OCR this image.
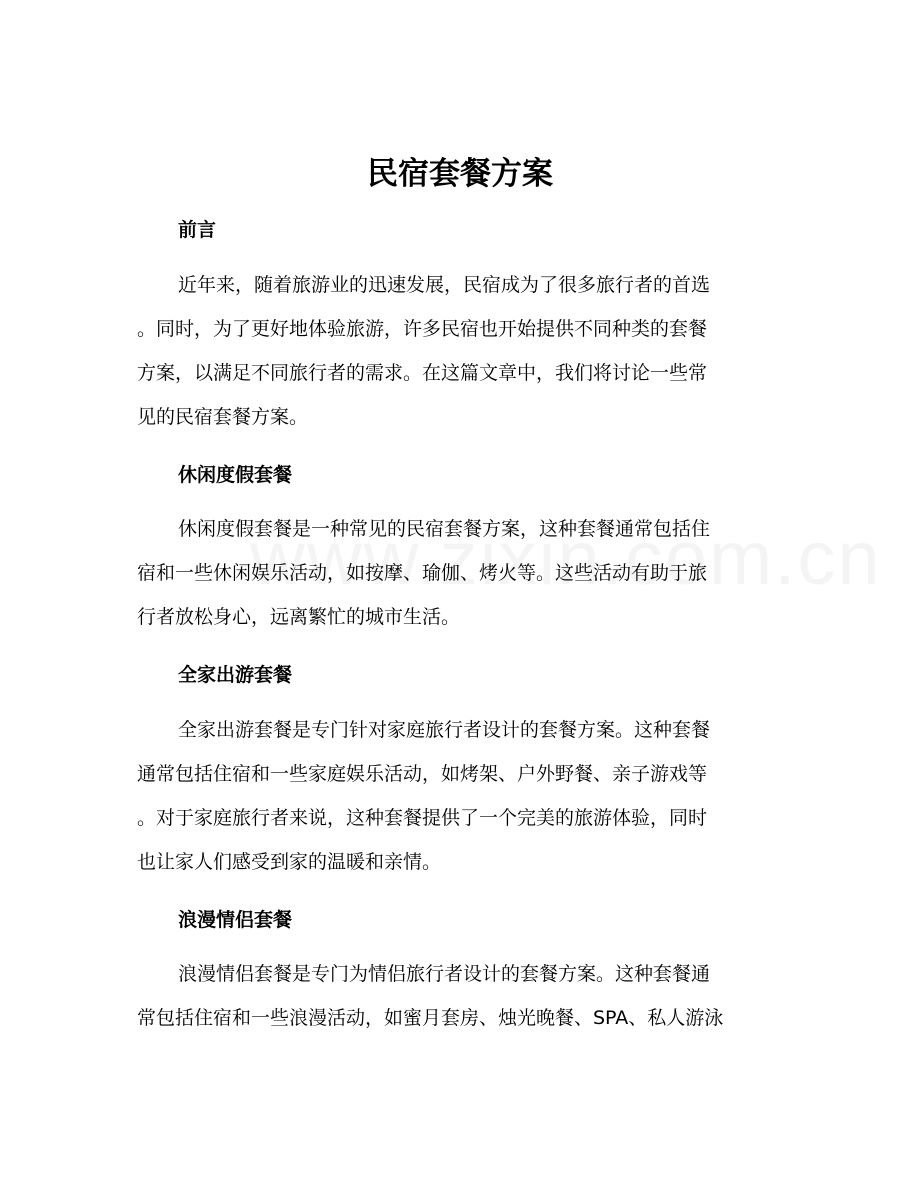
民宿套餐方案
前言
近年来，随着旅游业的迅速发展，民宿成为了很多旅行者的首选
。同时，为了更好地体验旅游，许多民宿也开始提供不同种类的套餐
方案，以满足不同旅行者的需求。在这篇文章中，我们将讨论一些常
见的民宿套餐方案。
休闲度假套餐
休闲度假套餐是一种常见的民宿套餐方案，这种套餐通常包括住
宿和一些休闲娱乐活动，如按摩、瑜伽、烤火等。这些活动有助于旅
行者放松身心，远离繁忙的城市生活。
全家出游套餐
全家出游套餐是专门针对家庭旅行者设计的套餐方案。这种套餐
通常包括住宿和一些家庭娱乐活动，如烤架、户外野餐、亲子游戏等
。对于家庭旅行者来说，这种套餐提供了一个完美的旅游体验，同时
也让家人们感受到家的温暖和亲情。
浪漫情侣套餐
浪漫情侣套餐是专门为情侣旅行者设计的套餐方案。这种套餐通
常包括住宿和一些浪漫活动，如蜜月套房、烛光晚餐、SPA、私人游泳
